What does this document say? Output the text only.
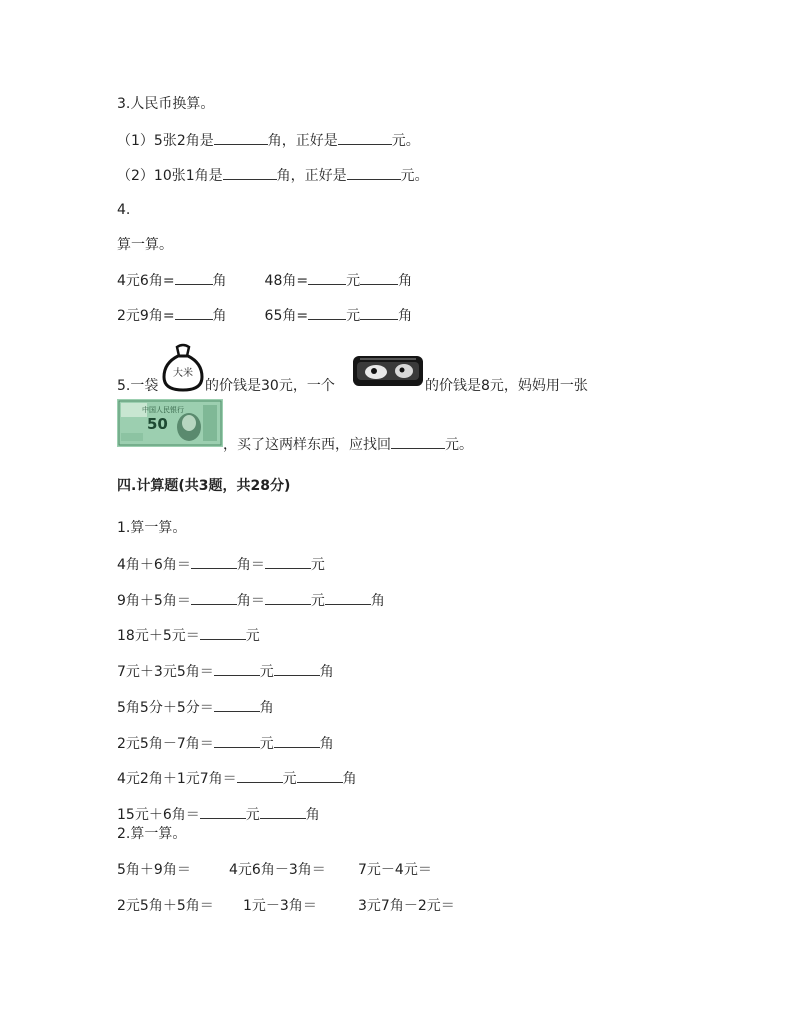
3.人民币换算。
（1）5张2角是	角，正好是	元。
（2）10张1角是	角，正好是	元。
4.
算一算。
4元6角=	角	48角=	元	角
2元9角=	角	65角=	元	角
5.一袋
大米
的价钱是30元，一个	的价钱是8元，妈妈用一张
中国人民银行
50
，买了这两样东西，应找回	元。
四.计算题(共3题，共28分)
1.算一算。
4角＋6角＝	角＝	元
9角＋5角＝	角＝	元	角
18元＋5元＝	元
7元＋3元5角＝	元	角
5角5分＋5分＝	角
2元5角－7角＝	元	角
4元2角＋1元7角＝	元	角
15元＋6角＝	元	角
2.算一算。
5角＋9角＝	4元6角－3角＝ 7元－4元＝
2元5角＋5角＝ 1元－3角＝	3元7角－2元＝
